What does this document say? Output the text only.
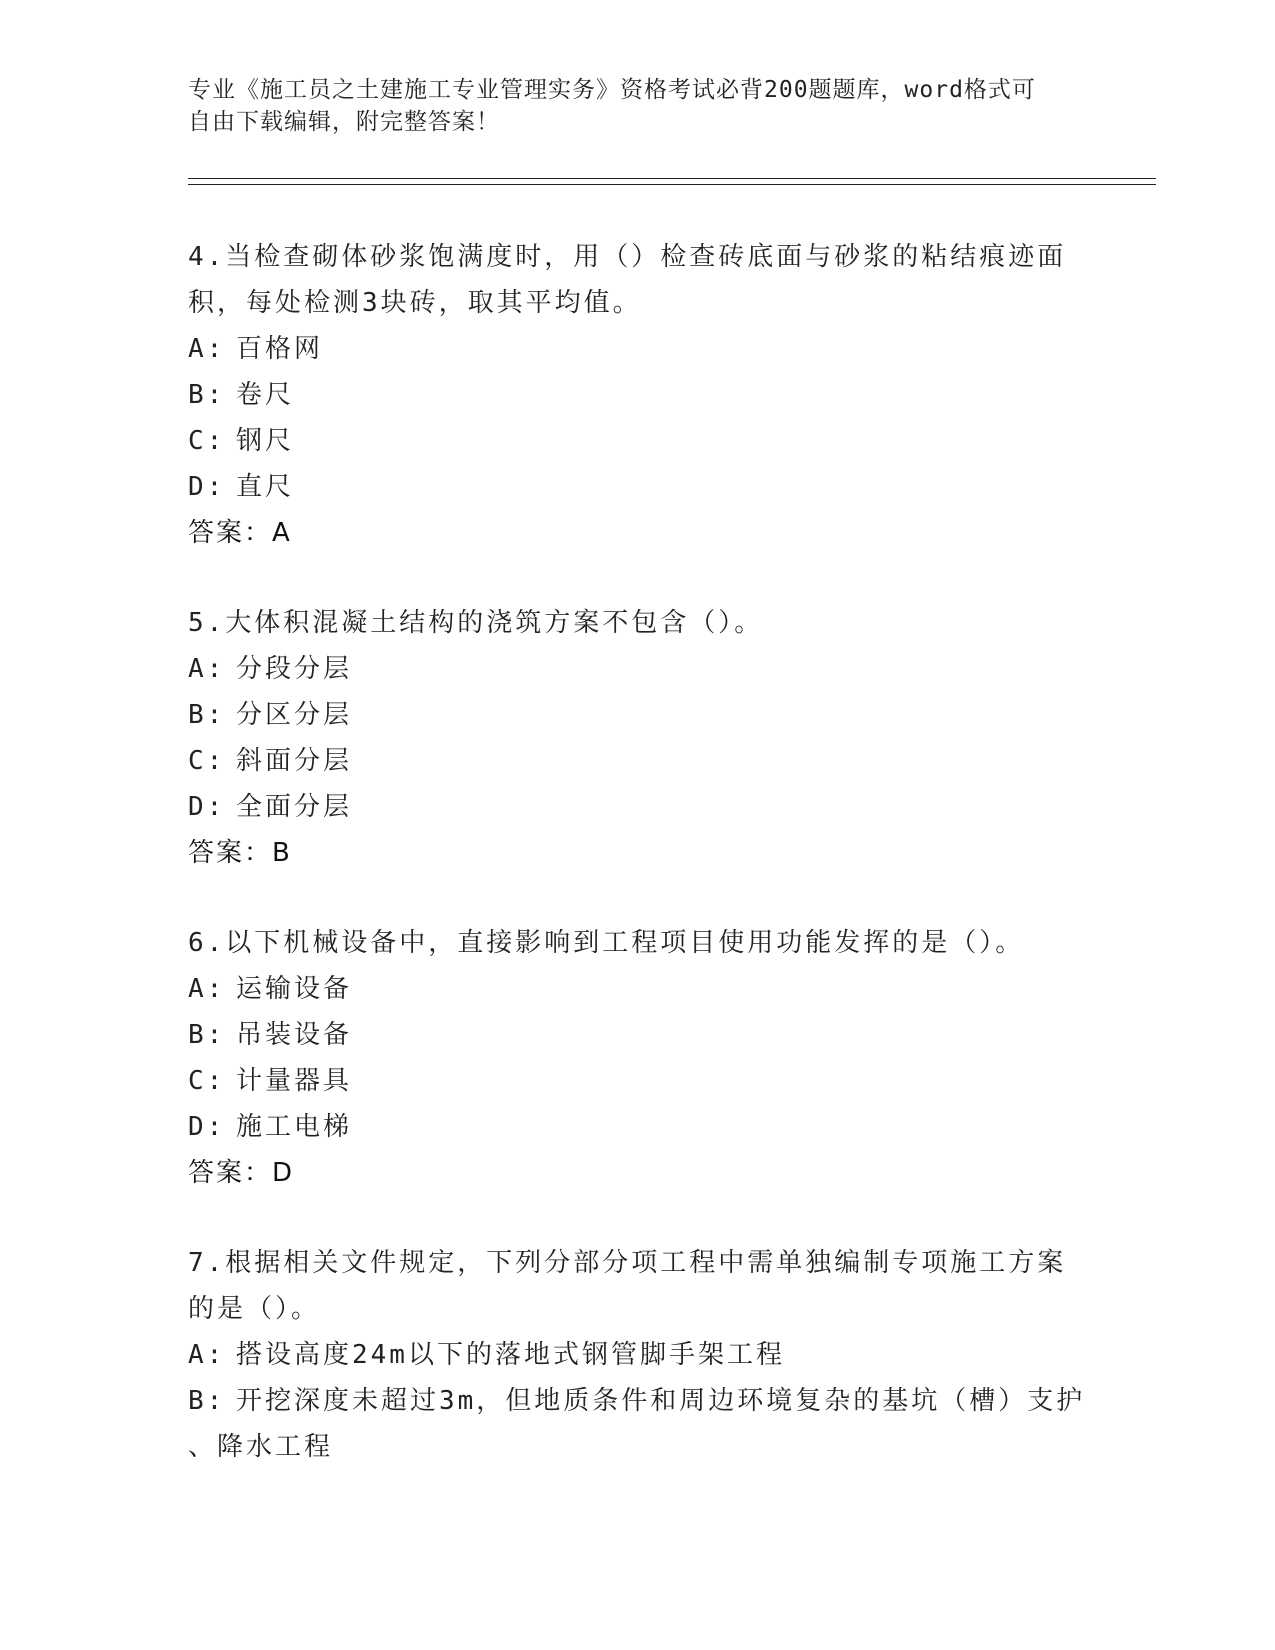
专业《施工员之土建施工专业管理实务》资格考试必背200题题库，word格式可
自由下载编辑，附完整答案！
4.当检查砌体砂浆饱满度时，用（）检查砖底面与砂浆的粘结痕迹面
积，每处检测3块砖，取其平均值。
A: 百格网
B: 卷尺
C: 钢尺
D: 直尺
答案：A
5.大体积混凝土结构的浇筑方案不包含（）。
A: 分段分层
B: 分区分层
C: 斜面分层
D: 全面分层
答案：B
6.以下机械设备中，直接影响到工程项目使用功能发挥的是（）。
A: 运输设备
B: 吊装设备
C: 计量器具
D: 施工电梯
答案：D
7.根据相关文件规定，下列分部分项工程中需单独编制专项施工方案
的是（）。
A: 搭设高度24m以下的落地式钢管脚手架工程
B: 开挖深度未超过3m，但地质条件和周边环境复杂的基坑（槽）支护
、降水工程
